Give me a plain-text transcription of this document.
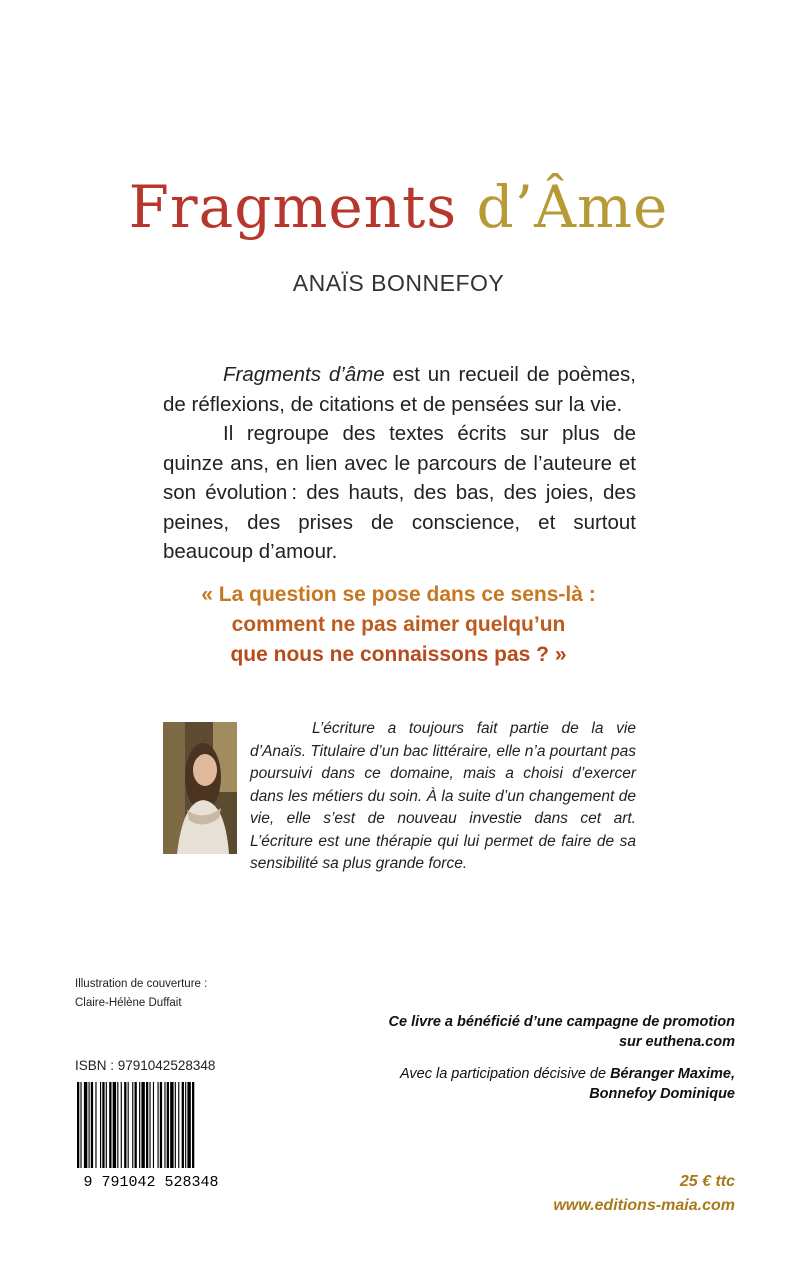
Fragments d’Âme
ANAÏS BONNEFOY

Fragments d’âme est un recueil de poèmes, de réflexions, de citations et de pensées sur la vie.

Il regroupe des textes écrits sur plus de quinze ans, en lien avec le parcours de l’auteure et son évolution : des hauts, des bas, des joies, des peines, des prises de conscience, et surtout beaucoup d’amour.

« La question se pose dans ce sens-là :
comment ne pas aimer quelqu’un
que nous ne connaissons pas ? »

L’écriture a toujours fait partie de la vie d’Anaïs. Titulaire d’un bac littéraire, elle n’a pourtant pas poursuivi dans ce domaine, mais a choisi d’exercer dans les métiers du soin. À la suite d’un changement de vie, elle s’est de nouveau investie dans cet art. L’écriture est une thérapie qui lui permet de faire de sa sensibilité sa plus grande force.

Illustration de couverture :
Claire-Hélène Duffait
ISBN : 9791042528348
9 791042 528348
Ce livre a bénéficié d’une campagne de promotion
sur euthena.com
Avec la participation décisive de Béranger Maxime,
Bonnefoy Dominique
25 € ttc
www.editions-maia.com
